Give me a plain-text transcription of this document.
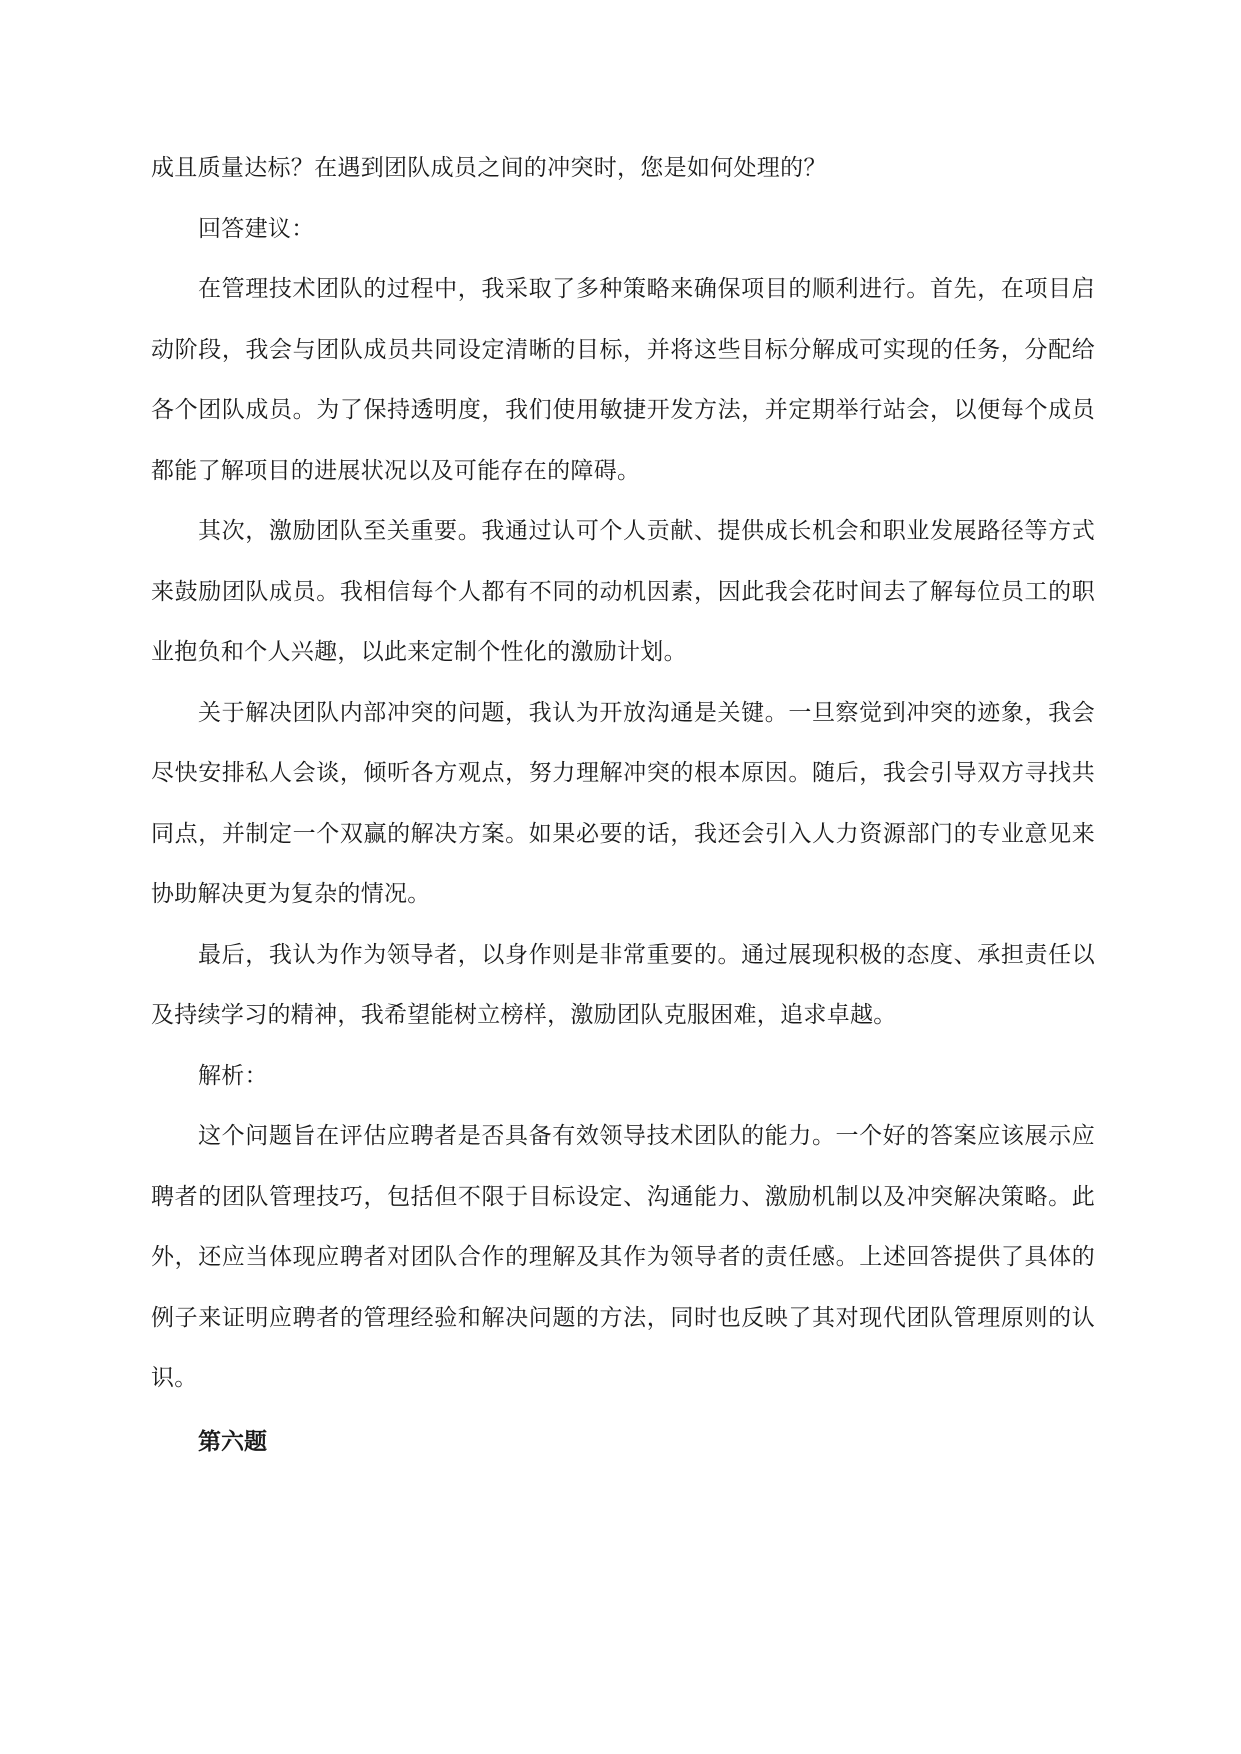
成且质量达标？在遇到团队成员之间的冲突时，您是如何处理的？

回答建议：

在管理技术团队的过程中，我采取了多种策略来确保项目的顺利进行。首先，在项目启动阶段，我会与团队成员共同设定清晰的目标，并将这些目标分解成可实现的任务，分配给各个团队成员。为了保持透明度，我们使用敏捷开发方法，并定期举行站会，以便每个成员都能了解项目的进展状况以及可能存在的障碍。

其次，激励团队至关重要。我通过认可个人贡献、提供成长机会和职业发展路径等方式来鼓励团队成员。我相信每个人都有不同的动机因素，因此我会花时间去了解每位员工的职业抱负和个人兴趣，以此来定制个性化的激励计划。

关于解决团队内部冲突的问题，我认为开放沟通是关键。一旦察觉到冲突的迹象，我会尽快安排私人会谈，倾听各方观点，努力理解冲突的根本原因。随后，我会引导双方寻找共同点，并制定一个双赢的解决方案。如果必要的话，我还会引入人力资源部门的专业意见来协助解决更为复杂的情况。

最后，我认为作为领导者，以身作则是非常重要的。通过展现积极的态度、承担责任以及持续学习的精神，我希望能树立榜样，激励团队克服困难，追求卓越。

解析：

这个问题旨在评估应聘者是否具备有效领导技术团队的能力。一个好的答案应该展示应聘者的团队管理技巧，包括但不限于目标设定、沟通能力、激励机制以及冲突解决策略。此外，还应当体现应聘者对团队合作的理解及其作为领导者的责任感。上述回答提供了具体的例子来证明应聘者的管理经验和解决问题的方法，同时也反映了其对现代团队管理原则的认识。

第六题
